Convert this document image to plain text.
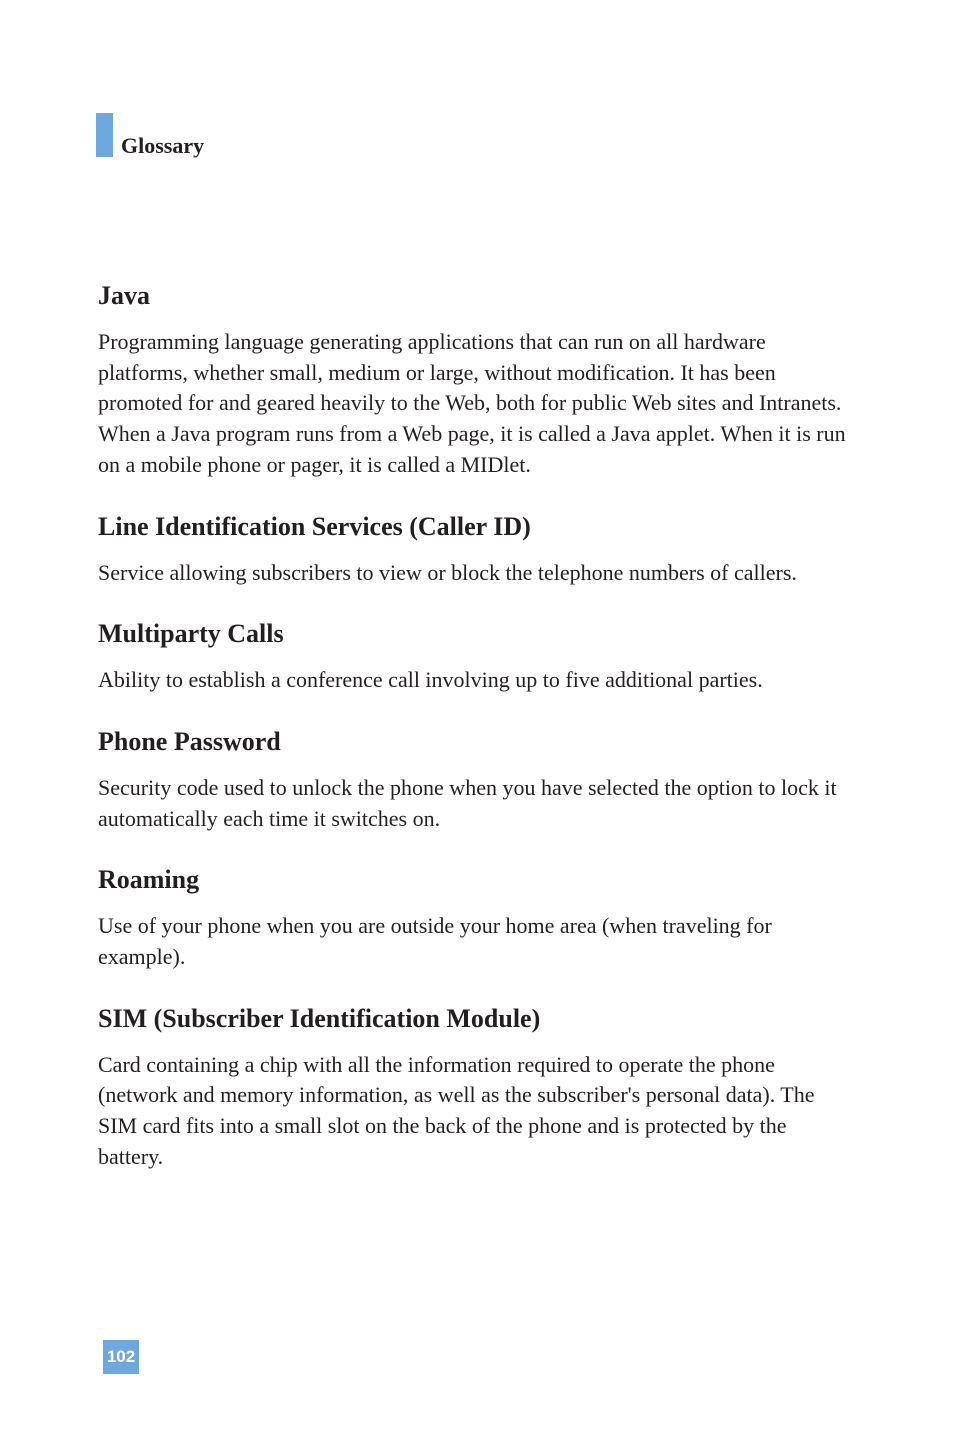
Glossary
Java

Programming language generating applications that can run on all hardware platforms, whether small, medium or large, without modification. It has been promoted for and geared heavily to the Web, both for public Web sites and Intranets. When a Java program runs from a Web page, it is called a Java applet. When it is run on a mobile phone or pager, it is called a MIDlet.

Line Identification Services (Caller ID)

Service allowing subscribers to view or block the telephone numbers of callers.

Multiparty Calls

Ability to establish a conference call involving up to five additional parties.

Phone Password

Security code used to unlock the phone when you have selected the option to lock it automatically each time it switches on.

Roaming

Use of your phone when you are outside your home area (when traveling for example).

SIM (Subscriber Identification Module)

Card containing a chip with all the information required to operate the phone (network and memory information, as well as the subscriber's personal data). The SIM card fits into a small slot on the back of the phone and is protected by the battery.

102
